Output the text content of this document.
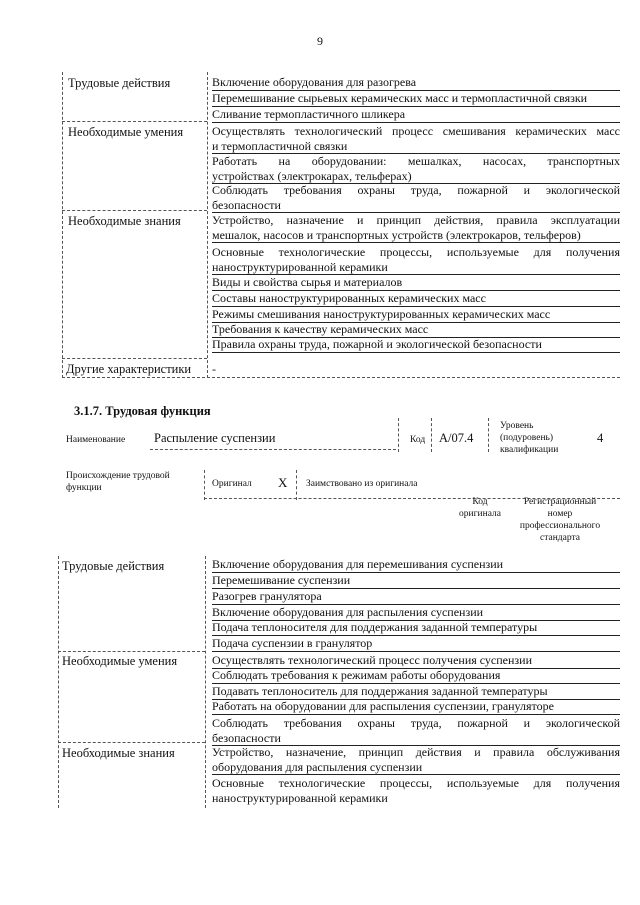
9
Трудовые действия
Необходимые умения
Необходимые знания
Другие характеристики
Включение оборудования для разогрева
Перемешивание сырьевых керамических масс и термопластичной связки
Сливание термопластичного шликера
Осуществлять технологический процесс смешивания керамических масс
и термопластичной связки
Работать на оборудовании: мешалках, насосах, транспортных
устройствах (электрокарах, тельферах)
Соблюдать требования охраны труда, пожарной и экологической
безопасности
Устройство, назначение и принцип действия, правила эксплуатации
мешалок, насосов и транспортных устройств (электрокаров, тельферов)
Основные технологические процессы, используемые для получения
наноструктурированной керамики
Виды и свойства сырья и материалов
Составы наноструктурированных керамических масс
Режимы смешивания наноструктурированных керамических масс
Требования к качеству керамических масс
Правила охраны труда, пожарной и экологической безопасности
-
3.1.7. Трудовая функция
Наименование Распыление суспензии	Код А/07.4
Уровень
(подуровень)
квалификации
4
Происхождение трудовой
функции	Оригинал X Заимствовано из оригинала
Код
оригинала
Регистрационный
номер
профессионального
стандарта
Трудовые действия
Необходимые умения
Необходимые знания
Включение оборудования для перемешивания суспензии
Перемешивание суспензии
Разогрев гранулятора
Включение оборудования для распыления суспензии
Подача теплоносителя для поддержания заданной температуры
Подача суспензии в гранулятор
Осуществлять технологический процесс получения суспензии
Соблюдать требования к режимам работы оборудования
Подавать теплоноситель для поддержания заданной температуры
Работать на оборудовании для распыления суспензии, грануляторе
Соблюдать требования охраны труда, пожарной и экологической
безопасности
Устройство, назначение, принцип действия и правила обслуживания
оборудования для распыления суспензии
Основные технологические процессы, используемые для получения
наноструктурированной керамики
